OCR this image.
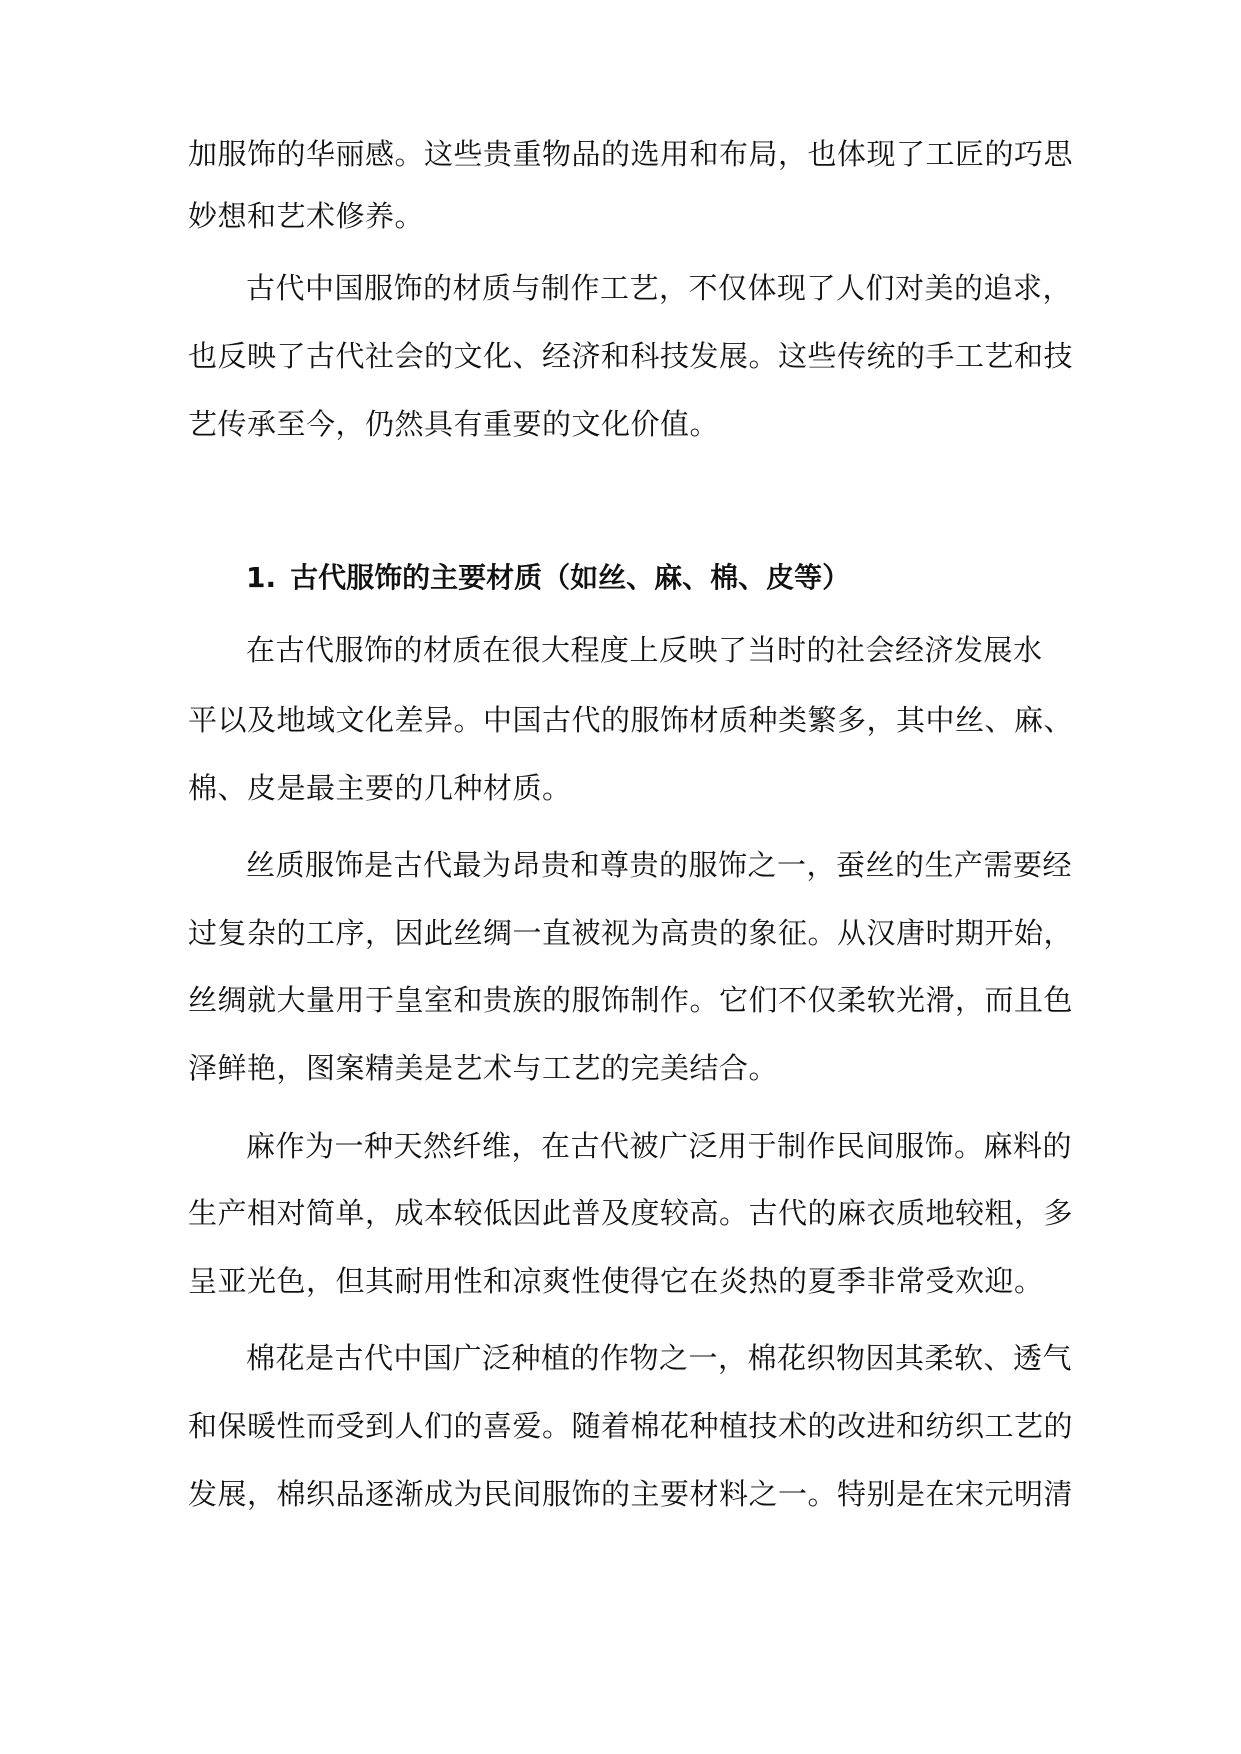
加服饰的华丽感。这些贵重物品的选用和布局，也体现了工匠的巧思
妙想和艺术修养。
古代中国服饰的材质与制作工艺，不仅体现了人们对美的追求，
也反映了古代社会的文化、经济和科技发展。这些传统的手工艺和技
艺传承至今，仍然具有重要的文化价值。
1. 古代服饰的主要材质（如丝、麻、棉、皮等）
在古代服饰的材质在很大程度上反映了当时的社会经济发展水
平以及地域文化差异。中国古代的服饰材质种类繁多，其中丝、麻、
棉、皮是最主要的几种材质。
丝质服饰是古代最为昂贵和尊贵的服饰之一，蚕丝的生产需要经
过复杂的工序，因此丝绸一直被视为高贵的象征。从汉唐时期开始，
丝绸就大量用于皇室和贵族的服饰制作。它们不仅柔软光滑，而且色
泽鲜艳，图案精美是艺术与工艺的完美结合。
麻作为一种天然纤维，在古代被广泛用于制作民间服饰。麻料的
生产相对简单，成本较低因此普及度较高。古代的麻衣质地较粗，多
呈亚光色，但其耐用性和凉爽性使得它在炎热的夏季非常受欢迎。
棉花是古代中国广泛种植的作物之一，棉花织物因其柔软、透气
和保暖性而受到人们的喜爱。随着棉花种植技术的改进和纺织工艺的
发展，棉织品逐渐成为民间服饰的主要材料之一。特别是在宋元明清
